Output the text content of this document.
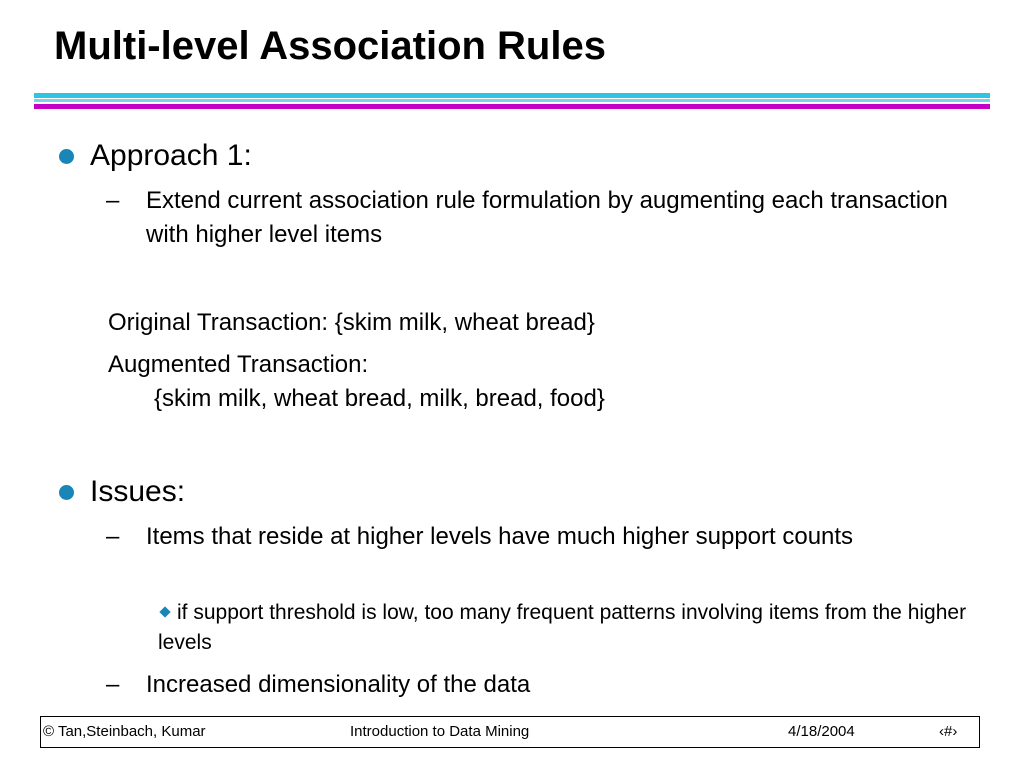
Multi-level Association Rules
Approach 1:
– Extend current association rule formulation by augmenting each transaction with higher level items
Original Transaction: {skim milk, wheat bread}
Augmented Transaction:
{skim milk, wheat bread, milk, bread, food}
Issues:
– Items that reside at higher levels have much higher support counts
if support threshold is low, too many frequent patterns involving items from the higher levels
– Increased dimensionality of the data
© Tan,Steinbach, Kumar	Introduction to Data Mining	4/18/2004	‹#›
